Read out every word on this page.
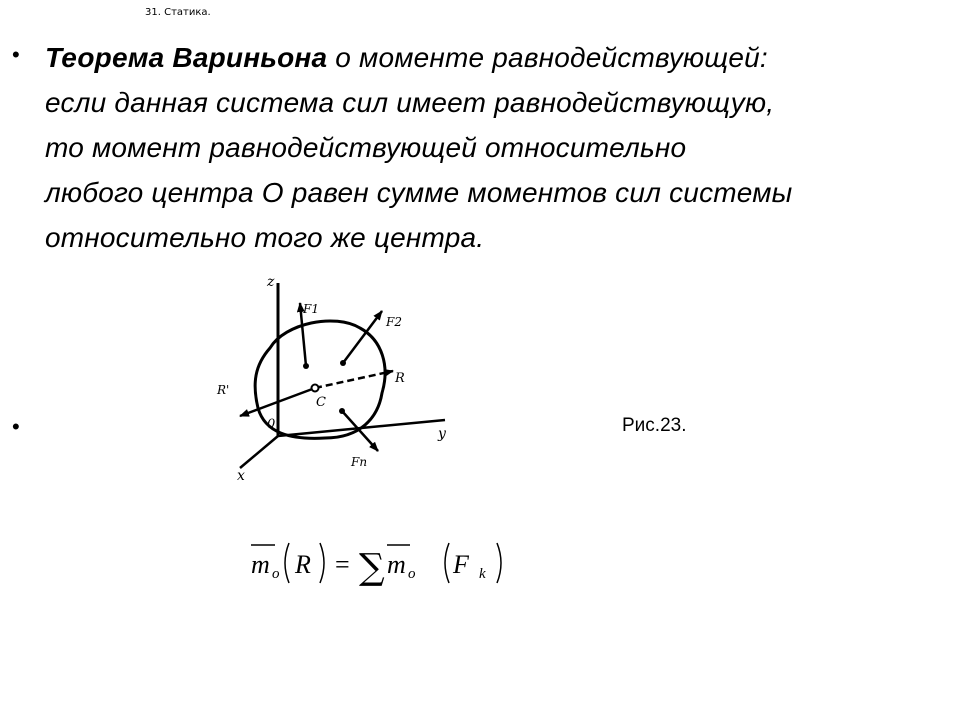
31. Статика.
• Теорема Вариньона о моменте равнодействующей:
если данная система сил имеет равнодействующую,
то момент равнодействующей относительно
любого центра О равен сумме моментов сил системы
относительно того же центра.
•
z
y
x
0
C
R
R'
F1
F2
Fn
Рис.23.
m o R = ∑ m o F k
